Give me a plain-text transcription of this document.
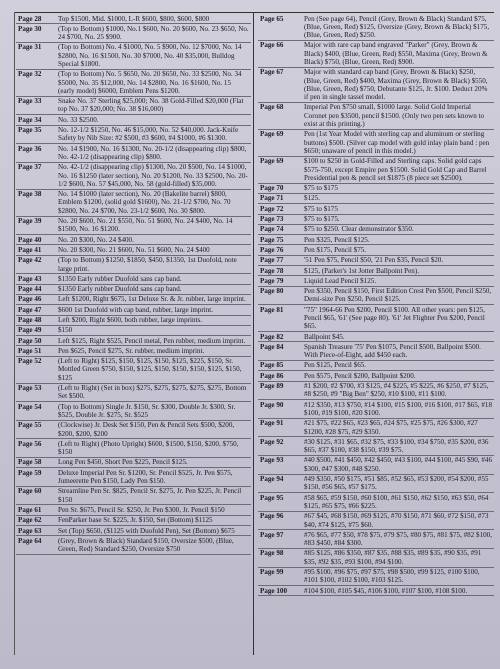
Page 28	Top $1500, Mid. $1000, L-R $600, $800, $600, $800
Page 30	(Top to Bottom) $1000, No.1 $600, No. 20 $600, No. 23 $650, No. 24 $700, No. 25 $900.
Page 31	(Top to Bottom) No. 4 $1000, No. 5 $900, No. 12 $7000, No. 14 $2800, No. 16 $1500, No. 30 $7000, No. 40 $35,000, Bulldog Special $1800.
Page 32	(Top to Bottom) No. 5 $650, No. 20 $650, No. 33 $2500, No. 34 $5000, No. 35 $12,000, No. 14 $2800, No. 16 $1600, No. 15 (early model) $6000, Emblem Pens $1200.
Page 33	Snake No. 37 Sterling $25,000; No. 38 Gold-Filled $20,000 (Flat top No. 37 $20,000; No. 38 $16,000)
Page 34	No. 33 $2500.
Page 35	No. 12-1/2 $1250, No. 46 $15,000, No. 52 $40,000. Jack-Knife Safety by Nib Size: #2 $500, #3 $600, #4 $1000, #6 $1300.
Page 36	No. 14 $1900, No. 16 $1300, No. 20-1/2 (disappearing clip) $800, No. 42-1/2 (disappearing clip) $800.
Page 37	No. 42-1/2 (disappearing clip) $1300, No. 20 $500, No. 14 $1000, No. 16 $1250 (later section), No. 20 $1200, No. 33 $2500, No. 20-1/2 $600, No. 57 $45,000, No. 58 (gold-filled) $35,000.
Page 38	No. 14 $1000 (later section), No. 20 (Bakelite barrel) $800, Emblem $1200, (solid gold $1600), No. 21-1/2 $700, No. 70 $2800, No. 24 $700, No. 23-1/2 $600, No. 30 $800.
Page 39	No. 20 $600, No. 21 $550, No. 51 $600, No. 24 $400, No. 14 $1500, No. 16 $1200.
Page 40	No. 20 $300, No. 24 $400.
Page 41	No. 20 $300, No. 21 $600, No. 51 $600, No. 24 $400
Page 42	(Top to Bottom) $1250, $1850, $450, $1350, 1st Duofold, note large print.
Page 43	$1350 Early rubber Duofold sans cap band.
Page 44	$1350 Early rubber Duofold sans cap band.
Page 46	Left $1200, Right $675, 1st Deluxe Sr. & Jr. rubber, large imprint.
Page 47	$600 1st Duofold with cap band, rubber, large imprint.
Page 48	Left $200, Right $600, both rubber, large imprints.
Page 49	$150
Page 50	Left $125, Right $525, Pencil metal, Pen rubber, medium imprint.
Page 51	Pen $625, Pencil $275, Sr. rubber, medium imprint.
Page 52	(Left to Right) $125, $150, $125, $150, $125, $225, $150, Sr. Mottled Green $750, $150, $125, $150, $150, $150, $125, $150, $125
Page 53	(Left to Right) (Set in box) $275, $275, $275, $275, $275, Bottom Set $500.
Page 54	(Top to Bottom) Single Jr. $150, Sr. $300, Double Jr. $300, Sr. $525, Double Jr. $275, Sr. $525
Page 55	(Clockwise) Jr. Desk Set $150, Pen & Pencil Sets $500, $200, $200, $200, $200
Page 56	(Left to Right) (Photo Upright) $600, $1500, $150, $200, $750, $150
Page 58	Long Pen $450, Short Pen $225, Pencil $125.
Page 59	Deluxe Imperial Pen Sr. $1200, Sr. Pencil $525, Jr. Pen $575, Jumeerette Pen $150, Lady Pen $150.
Page 60	Streamline Pen Sr. $825, Pencil Sr. $275, Jr. Pen $225, Jr. Pencil $150
Page 61	Pen Sr. $675, Pencil Sr. $250, Jr. Pen $300, Jr. Pencil $150
Page 62	FenParker base Sr. $225, Jr. $150, Set (Bottom) $1125
Page 63	Set (Top) $650, ($1125 with Duofold Pen), Set (Bottom) $675
Page 64	(Grey, Brown & Black) Standard $150, Oversize $500, (Blue, Green, Red) Standard $250, Oversize $750
Page 65	Pen (See page 64), Pencil (Grey, Brown & Black) Standard $75, (Blue, Green, Red) $125, Oversize (Grey, Brown & Black) $175, (Blue, Green, Red) $250.
Page 66	Major with rare cap band engraved "Parker" (Grey, Brown & Black) $400, (Blue, Green, Red) $550, Maxima (Grey, Brown & Black) $750, (Blue, Green, Red) $900.
Page 67	Major with standard cap band (Grey, Brown & Black) $250, (Blue, Green, Red) $400, Maxima (Grey, Brown & Black) $550, (Blue, Green, Red) $750, Debutante $125, Jr. $100. Deduct 20% if pen in single tassel model.
Page 68	Imperial Pen $750 small, $1000 large. Solid Gold Imperial Coronet pen $3500, pencil $1500. (Only two pen sets known to exist at this printing.)
Page 69	Pen (1st Year Model with sterling cap and aluminum or sterling buttons) $500. (Silver cap model with gold inlay plain band : pen $650; unaware of pencil in this model.)
Page 69	$100 to $250 in Gold-Filled and Sterling caps. Solid gold caps $575-750, except Empire pen $1500. Solid Gold Cap and Barrel Presidential pen & pencil set $1875 (8 piece set $2500).
Page 70	$75 to $175
Page 71	$125.
Page 72	$75 to $175
Page 73	$75 to $175.
Page 74	$75 to $250. Clear demonstrator $350.
Page 75	Pen $325, Pencil $125.
Page 76	Pen $175, Pencil $75.
Page 77	'51 Pen $75, Pencil $50, '21 Pen $35, Pencil $20.
Page 78	$125, (Parker's 1st Jotter Ballpoint Pen).
Page 79	Liquid Lead Pencil $125.
Page 80	Pen $350, Pencil $150, First Edition Crest Pen $500, Pencil $250, Demi-size Pen $250, Pencil $125.
Page 81	"75" 1964-66 Pen $200, Pencil $100. All other years: pen $125, Pencil $65, '61' (See page 80). '61' Jet Flighter Pen $200, Pencil $65.
Page 82	Ballpoint $45.
Page 84	Spanish Treasure '75' Pen $1075, Pencil $500, Ballpoint $500. With Piece-of-Eight, add $450 each.
Page 85	Pen $125, Pencil $65.
Page 86	Pen $575, Pencil $200, Ballpoint $200.
Page 89	#1 $200, #2 $700, #3 $125, #4 $225, #5 $225, #6 $250, #7 $125, #8 $250, #9 "Big Ben" $250, #10 $100, #11 $100.
Page 90	#12 $350, #13 $750, #14 $100, #15 $100, #16 $100, #17 $65, #18 $100, #19 $100, #20 $100.
Page 91	#21 $75, #22 $65, #23 $65, #24 $75, #25 $75, #26 $300, #27 $1200, #28 $75, #29 $350.
Page 92	#30 $125, #31 $65, #32 $75, #33 $100, #34 $750, #35 $200, #36 $65, #37 $100, #38 $150, #39 $75.
Page 93	#40 $500, #41 $450, #42 $450, #43 $100, #44 $100, #45 $90, #46 $300, #47 $300, #48 $250.
Page 94	#49 $350, #50 $175, #51 $85, #52 $65, #53 $200, #54 $200, #55 $150, #56 $65, #57 $175.
Page 95	#58 $65, #59 $150, #60 $100, #61 $150, #62 $150, #63 $50, #64 $125, #65 $75, #66 $225.
Page 96	#67 $45, #68 $150, #69 $125, #70 $150, #71 $60, #72 $150, #73 $40, #74 $125, #75 $60.
Page 97	#76 $65, #77 $50, #78 $75, #79 $75, #80 $75, #81 $75, #82 $100, #83 $450, #84 $300.
Page 98	#85 $125, #86 $350, #87 $35, #88 $35, #89 $35, #90 $35, #91 $35, #92 $35, #93 $100, #94 $100.
Page 99	#95 $100, #96 $75, #97 $75, #98 $500, #99 $125, #100 $100, #101 $100, #102 $100, #103 $125.
Page 100	#104 $100, #105 $45, #106 $100, #107 $100, #108 $100.
